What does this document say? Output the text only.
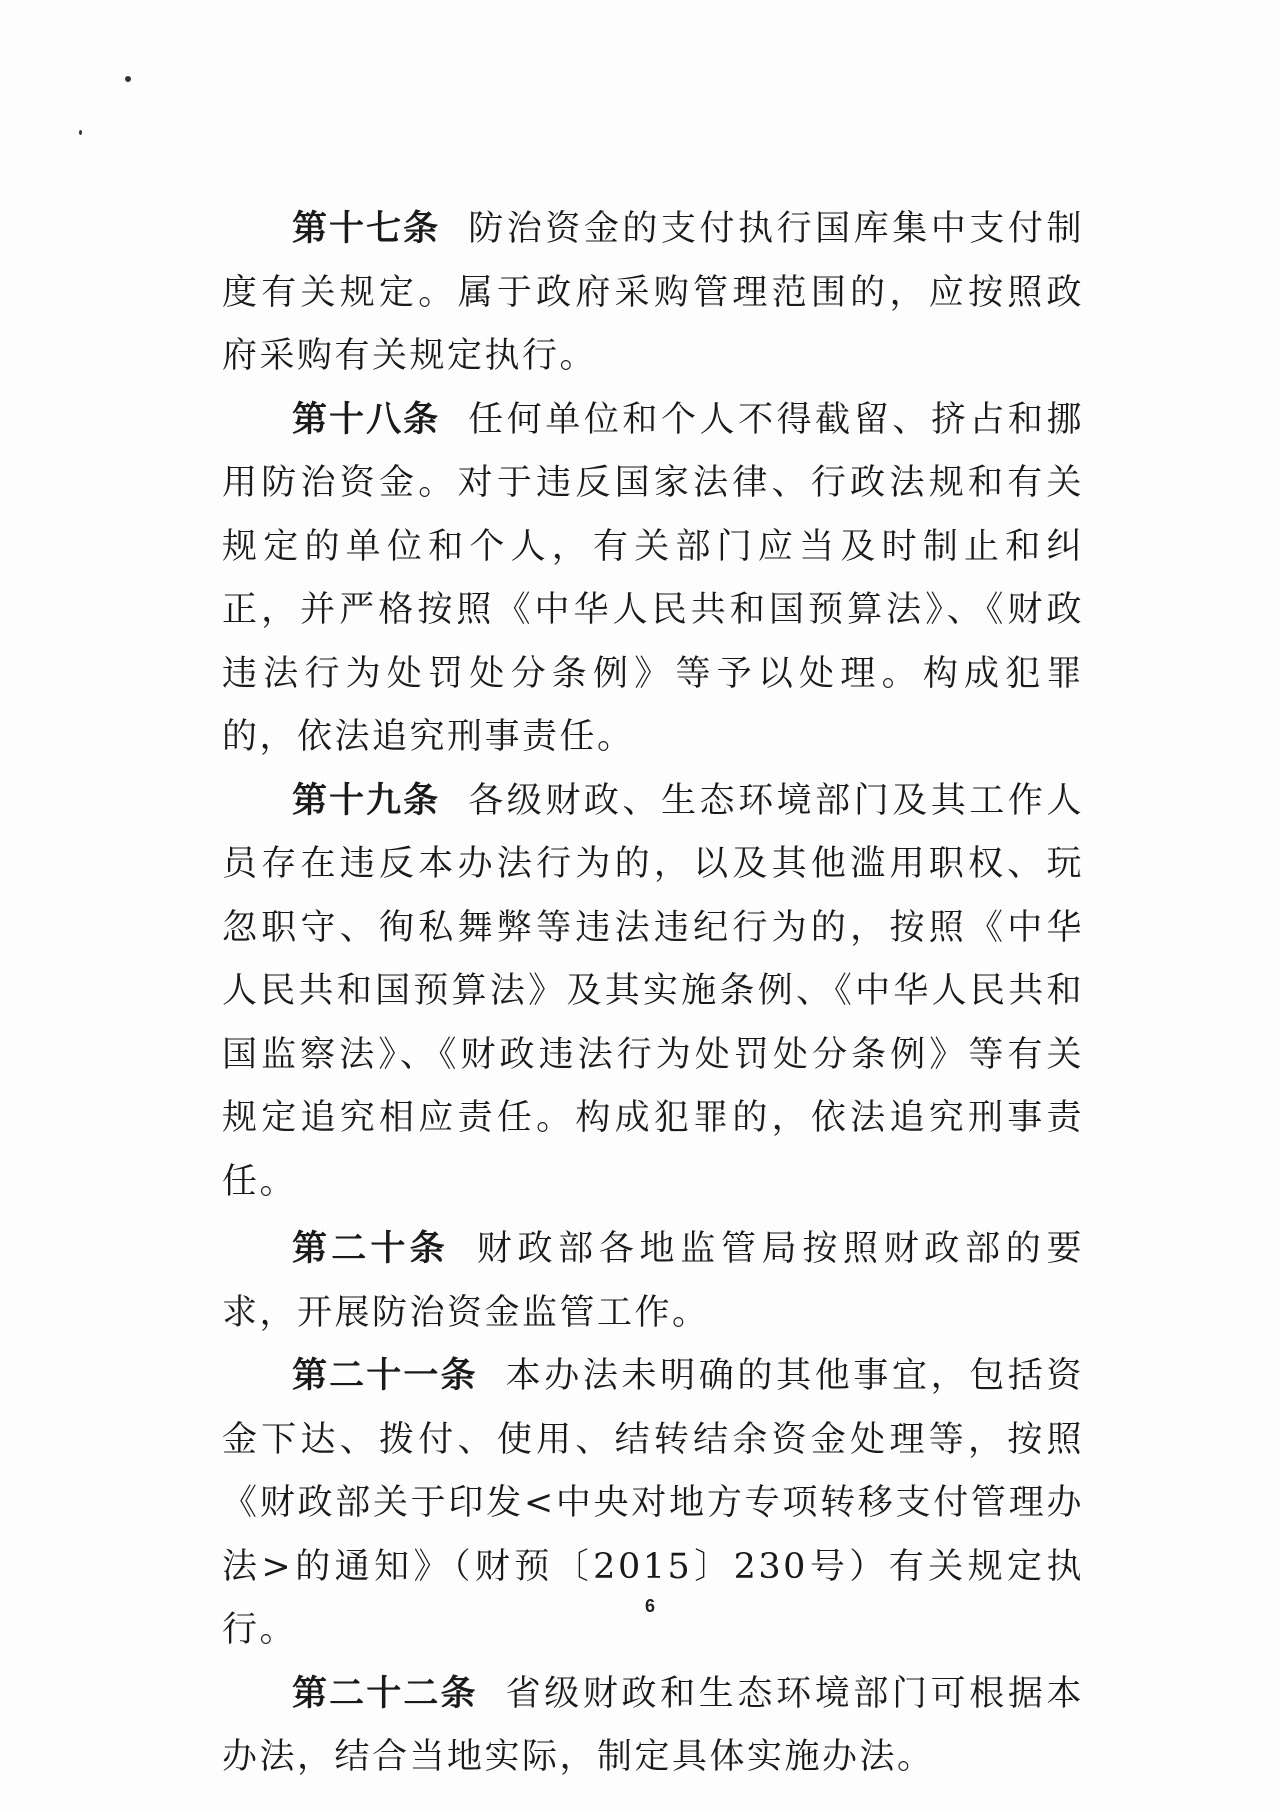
第十七条 防治资金的支付执行国库集中支付制度有关规定。属于政府采购管理范围的，应按照政府采购有关规定执行。

第十八条 任何单位和个人不得截留、挤占和挪用防治资金。对于违反国家法律、行政法规和有关规定的单位和个人，有关部门应当及时制止和纠正，并严格按照《中华人民共和国预算法》、《财政违法行为处罚处分条例》等予以处理。构成犯罪的，依法追究刑事责任。

第十九条 各级财政、生态环境部门及其工作人员存在违反本办法行为的，以及其他滥用职权、玩忽职守、徇私舞弊等违法违纪行为的，按照《中华人民共和国预算法》及其实施条例、《中华人民共和国监察法》、《财政违法行为处罚处分条例》等有关规定追究相应责任。构成犯罪的，依法追究刑事责任。

第二十条 财政部各地监管局按照财政部的要求，开展防治资金监管工作。

第二十一条 本办法未明确的其他事宜，包括资金下达、拨付、使用、结转结余资金处理等，按照《财政部关于印发<中央对地方专项转移支付管理办法>的通知》（财预〔2015〕230号）有关规定执行。

第二十二条 省级财政和生态环境部门可根据本办法，结合当地实际，制定具体实施办法。

6
